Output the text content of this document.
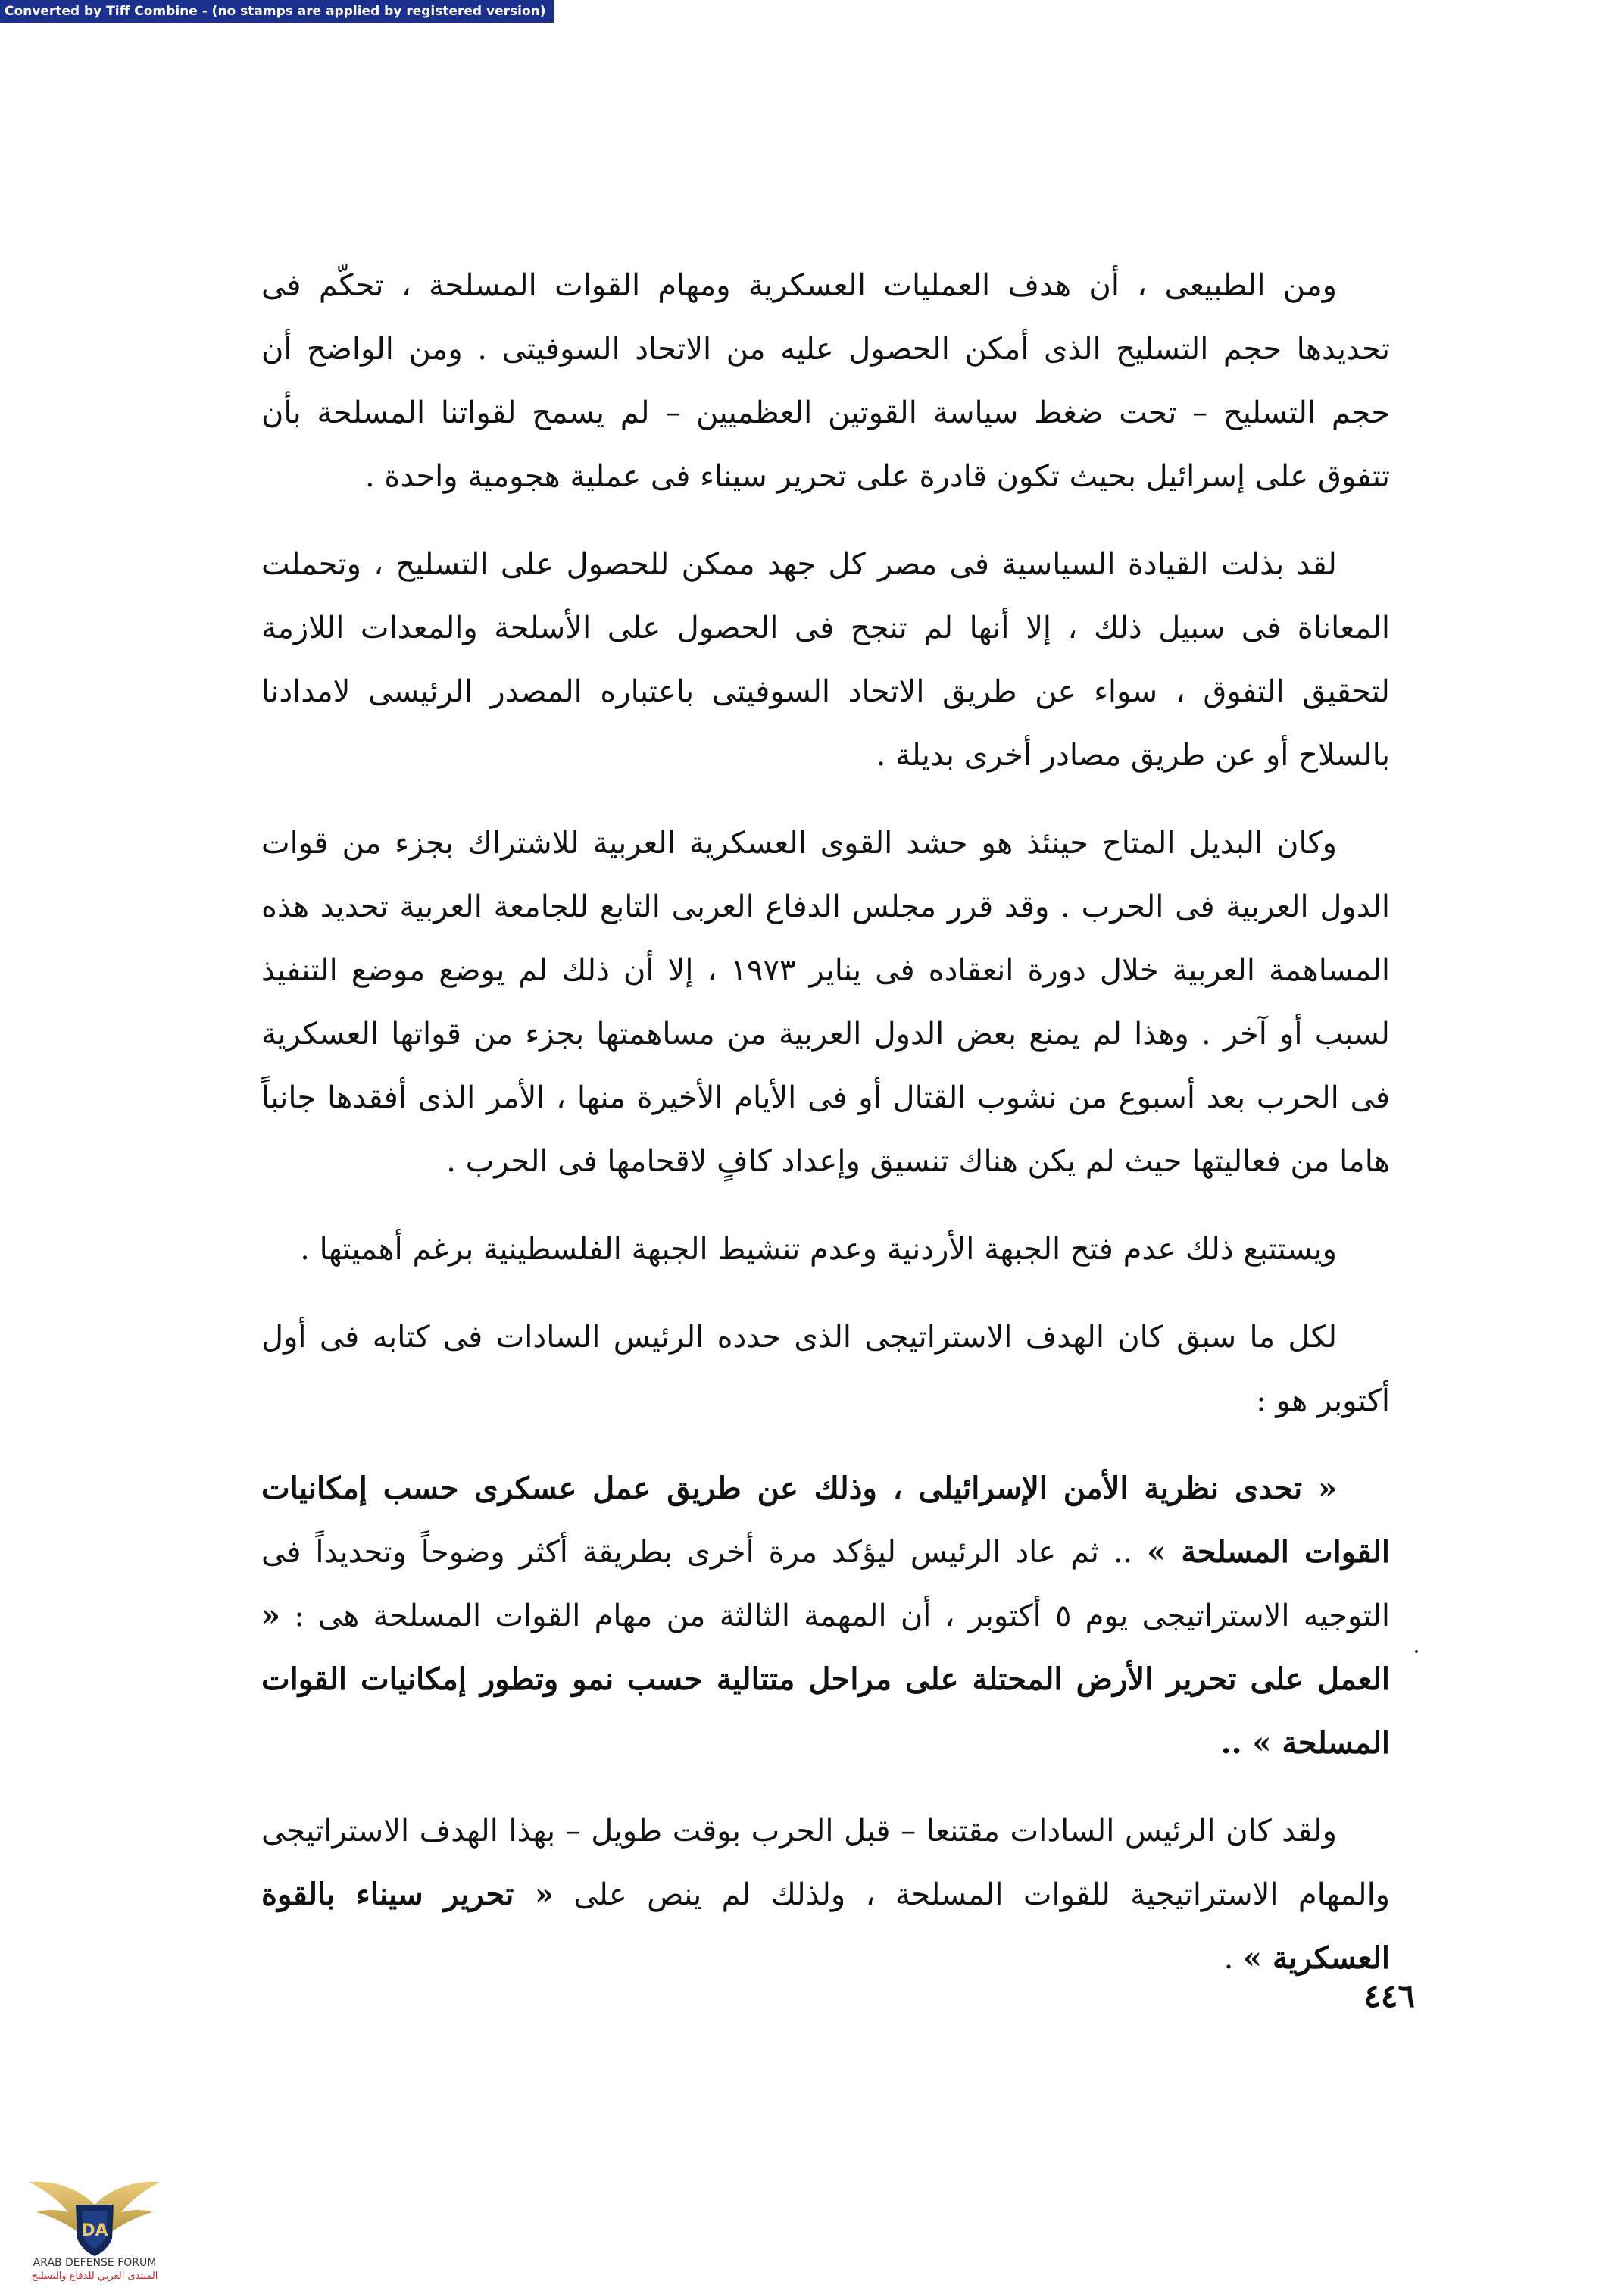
Converted by Tiff Combine - (no stamps are applied by registered version)

ومن الطبيعى ، أن هدف العمليات العسكرية ومهام القوات المسلحة ، تحكّم فى تحديدها حجم التسليح الذى أمكن الحصول عليه من الاتحاد السوفيتى . ومن الواضح أن حجم التسليح – تحت ضغط سياسة القوتين العظميين – لم يسمح لقواتنا المسلحة بأن تتفوق على إسرائيل بحيث تكون قادرة على تحرير سيناء فى عملية هجومية واحدة .

لقد بذلت القيادة السياسية فى مصر كل جهد ممكن للحصول على التسليح ، وتحملت المعاناة فى سبيل ذلك ، إلا أنها لم تنجح فى الحصول على الأسلحة والمعدات اللازمة لتحقيق التفوق ، سواء عن طريق الاتحاد السوفيتى باعتباره المصدر الرئيسى لامدادنا بالسلاح أو عن طريق مصادر أخرى بديلة .

وكان البديل المتاح حينئذ هو حشد القوى العسكرية العربية للاشتراك بجزء من قوات الدول العربية فى الحرب . وقد قرر مجلس الدفاع العربى التابع للجامعة العربية تحديد هذه المساهمة العربية خلال دورة انعقاده فى يناير ١٩٧٣ ، إلا أن ذلك لم يوضع موضع التنفيذ لسبب أو آخر . وهذا لم يمنع بعض الدول العربية من مساهمتها بجزء من قواتها العسكرية فى الحرب بعد أسبوع من نشوب القتال أو فى الأيام الأخيرة منها ، الأمر الذى أفقدها جانباً هاما من فعاليتها حيث لم يكن هناك تنسيق وإعداد كافٍ لاقحامها فى الحرب .

ويستتبع ذلك عدم فتح الجبهة الأردنية وعدم تنشيط الجبهة الفلسطينية برغم أهميتها .

لكل ما سبق كان الهدف الاستراتيجى الذى حدده الرئيس السادات فى كتابه فى أول أكتوبر هو :

« تحدى نظرية الأمن الإسرائيلى ، وذلك عن طريق عمل عسكرى حسب إمكانيات القوات المسلحة » .. ثم عاد الرئيس ليؤكد مرة أخرى بطريقة أكثر وضوحاً وتحديداً فى التوجيه الاستراتيجى يوم ٥ أكتوبر ، أن المهمة الثالثة من مهام القوات المسلحة هى : « العمل على تحرير الأرض المحتلة على مراحل متتالية حسب نمو وتطور إمكانيات القوات المسلحة » ..

ولقد كان الرئيس السادات مقتنعا – قبل الحرب بوقت طويل – بهذا الهدف الاستراتيجى والمهام الاستراتيجية للقوات المسلحة ، ولذلك لم ينص على « تحرير سيناء بالقوة العسكرية » .

٤٤٦
DA
ARAB DEFENSE FORUM
المنتدى العربي للدفاع والتسليح
